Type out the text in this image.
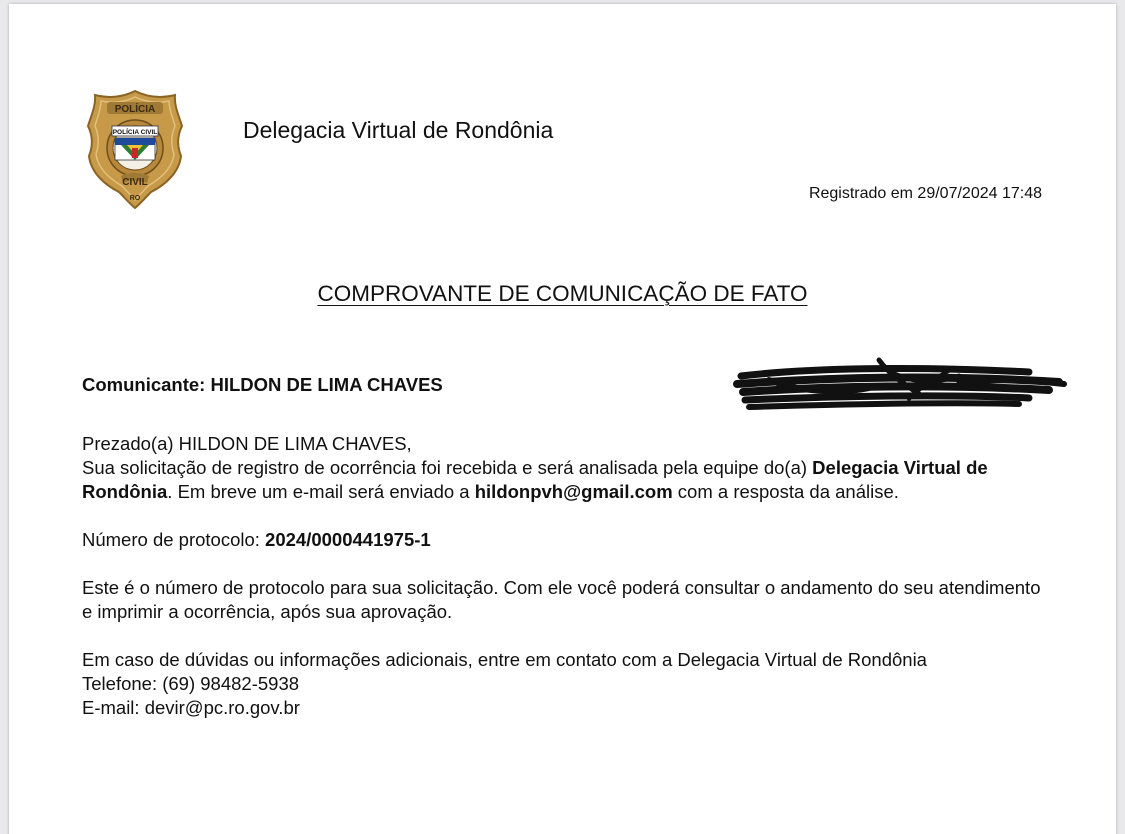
POLÍCIA
POLÍCIA CIVIL
CIVIL
RO
Delegacia Virtual de Rondônia
Registrado em 29/07/2024 17:48
COMPROVANTE DE COMUNICAÇÃO DE FATO
Comunicante: HILDON DE LIMA CHAVES

Prezado(a) HILDON DE LIMA CHAVES,

Sua solicitação de registro de ocorrência foi recebida e será analisada pela equipe do(a) Delegacia Virtual de Rondônia. Em breve um e-mail será enviado a hildonpvh@gmail.com com a resposta da análise.

Número de protocolo: 2024/0000441975-1

Este é o número de protocolo para sua solicitação. Com ele você poderá consultar o andamento do seu atendimento e imprimir a ocorrência, após sua aprovação.

Em caso de dúvidas ou informações adicionais, entre em contato com a Delegacia Virtual de Rondônia

Telefone: (69) 98482-5938

E-mail: devir@pc.ro.gov.br
